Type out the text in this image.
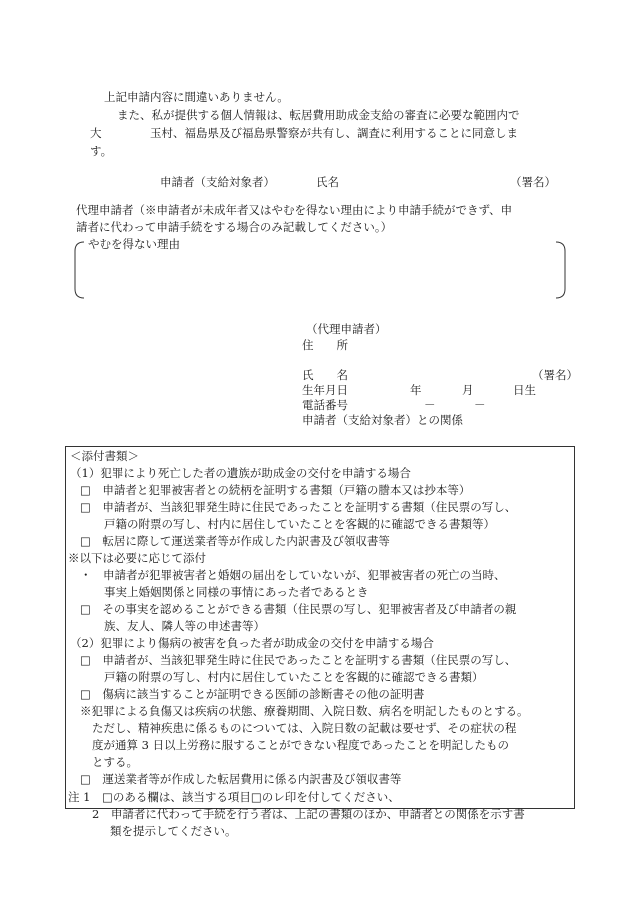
上記申請内容に間違いありません。
また、私が提供する個人情報は、転居費用助成金支給の審査に必要な範囲内で
大	玉村、福島県及び福島県警察が共有し、調査に利用することに同意しま
す。
申請者（支給対象者）	氏名	（署名）
代理申請者（※申請者が未成年者又はやむを得ない理由により申請手続ができず、申
請者に代わって申請手続をする場合のみ記載してください。）
やむを得ない理由
（代理申請者）
住　　所
氏　　名	（署名）
生年月日	年	月	日生
電話番号	－	－
申請者（支給対象者）との関係
＜添付書類＞
（1）犯罪により死亡した者の遺族が助成金の交付を申請する場合
□　申請者と犯罪被害者との続柄を証明する書類（戸籍の謄本又は抄本等）
□　申請者が、当該犯罪発生時に住民であったことを証明する書類（住民票の写し、
戸籍の附票の写し、村内に居住していたことを客観的に確認できる書類等）
□　転居に際して運送業者等が作成した内訳書及び領収書等
※以下は必要に応じて添付
・　申請者が犯罪被害者と婚姻の届出をしていないが、犯罪被害者の死亡の当時、
事実上婚姻関係と同様の事情にあった者であるとき
□　その事実を認めることができる書類（住民票の写し、犯罪被害者及び申請者の親
族、友人、隣人等の申述書等）
（2）犯罪により傷病の被害を負った者が助成金の交付を申請する場合
□　申請者が、当該犯罪発生時に住民であったことを証明する書類（住民票の写し、
戸籍の附票の写し、村内に居住していたことを客観的に確認できる書類）
□　傷病に該当することが証明できる医師の診断書その他の証明書
※犯罪による負傷又は疾病の状態、療養期間、入院日数、病名を明記したものとする。
ただし、精神疾患に係るものについては、入院日数の記載は要せず、その症状の程
度が通算 3 日以上労務に服することができない程度であったことを明記したもの
とする。
□　運送業者等が作成した転居費用に係る内訳書及び領収書等
注 1　□のある欄は、該当する項目□のレ印を付してください、
2　申請者に代わって手続を行う者は、上記の書類のほか、申請者との関係を示す書
類を提示してください。
